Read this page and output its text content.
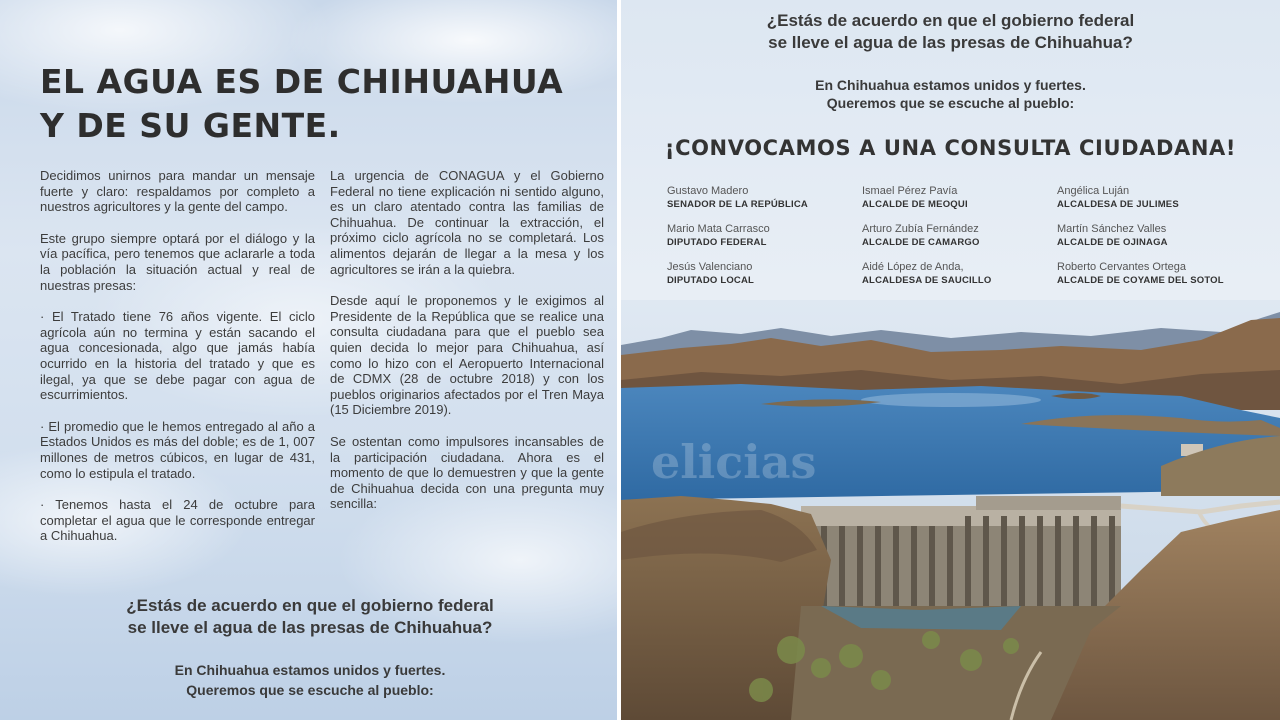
EL AGUA ES DE CHIHUAHUA
Y DE SU GENTE.

Decidimos unirnos para mandar un mensaje fuerte y claro: respaldamos por completo a nuestros agricultores y la gente del campo.

Este grupo siempre optará por el diálogo y la vía pacífica, pero tenemos que aclararle a toda la población la situación actual y real de nuestras presas:

· El Tratado tiene 76 años vigente. El ciclo agrícola aún no termina y están sacando el agua concesionada, algo que jamás había ocurrido en la historia del tratado y que es ilegal, ya que se debe pagar con agua de escurrimientos.

· El promedio que le hemos entregado al año a Estados Unidos es más del doble; es de 1, 007 millones de metros cúbicos, en lugar de 431, como lo estipula el tratado.

· Tenemos hasta el 24 de octubre para completar el agua que le corresponde entregar a Chihuahua.

La urgencia de CONAGUA y el Gobierno Federal no tiene explicación ni sentido alguno, es un claro atentado contra las familias de Chihuahua. De continuar la extracción, el próximo ciclo agrícola no se completará. Los alimentos dejarán de llegar a la mesa y los agricultores se irán a la quiebra.

Desde aquí le proponemos y le exigimos al Presidente de la República que se realice una consulta ciudadana para que el pueblo sea quien decida lo mejor para Chihuahua, así como lo hizo con el Aeropuerto Internacional de CDMX (28 de octubre 2018) y con los pueblos originarios afectados por el Tren Maya (15 Diciembre 2019).

Se ostentan como impulsores incansables de la participación ciudadana. Ahora es el momento de que lo demuestren y que la gente de Chihuahua decida con una pregunta muy sencilla:

¿Estás de acuerdo en que el gobierno federal
se lleve el agua de las presas de Chihuahua?
En Chihuahua estamos unidos y fuertes.
Queremos que se escuche al pueblo:
¿Estás de acuerdo en que el gobierno federal
se lleve el agua de las presas de Chihuahua?
En Chihuahua estamos unidos y fuertes.
Queremos que se escuche al pueblo:
¡CONVOCAMOS A UNA CONSULTA CIUDADANA!
Gustavo Madero
SENADOR DE LA REPÚBLICA
Ismael Pérez Pavía
ALCALDE DE MEOQUI
Angélica Luján
ALCALDESA DE JULIMES
Mario Mata Carrasco
DIPUTADO FEDERAL
Arturo Zubía Fernández
ALCALDE DE CAMARGO
Martín Sánchez Valles
ALCALDE DE OJINAGA
Jesús Valenciano
DIPUTADO LOCAL
Aidé López de Anda,
ALCALDESA DE SAUCILLO
Roberto Cervantes Ortega
ALCALDE DE COYAME DEL SOTOL
elicias
